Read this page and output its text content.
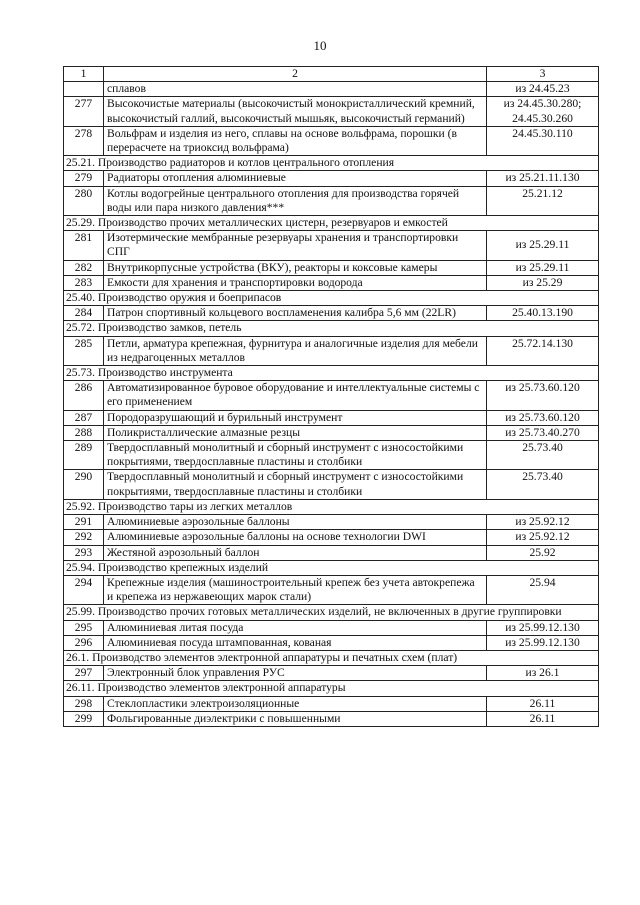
10
1	2	3
	сплавов	из 24.45.23
277	Высокочистые материалы (высокочистый монокристаллический кремний, высокочистый галлий, высокочистый мышьяк, высокочистый германий)	из 24.45.30.280; 24.45.30.260
278	Вольфрам и изделия из него, сплавы на основе вольфрама, порошки (в перерасчете на триоксид вольфрама)	24.45.30.110
25.21. Производство радиаторов и котлов центрального отопления		
279	Радиаторы отопления алюминиевые	из 25.21.11.130
280	Котлы водогрейные центрального отопления для производства горячей воды или пара низкого давления***	25.21.12
25.29. Производство прочих металлических цистерн, резервуаров и емкостей		
281	Изотермические мембранные резервуары хранения и транспортировки СПГ	из 25.29.11
282	Внутрикорпусные устройства (ВКУ), реакторы и коксовые камеры	из 25.29.11
283	Емкости для хранения и транспортировки водорода	из 25.29
25.40. Производство оружия и боеприпасов		
284	Патрон спортивный кольцевого воспламенения калибра 5,6 мм (22LR)	25.40.13.190
25.72. Производство замков, петель		
285	Петли, арматура крепежная, фурнитура и аналогичные изделия для мебели из недрагоценных металлов	25.72.14.130
25.73. Производство инструмента		
286	Автоматизированное буровое оборудование и интеллектуальные системы с его применением	из 25.73.60.120
287	Породоразрушающий и бурильный инструмент	из 25.73.60.120
288	Поликристаллические алмазные резцы	из 25.73.40.270
289	Твердосплавный монолитный и сборный инструмент с износостойкими покрытиями, твердосплавные пластины и столбики	25.73.40
290	Твердосплавный монолитный и сборный инструмент с износостойкими покрытиями, твердосплавные пластины и столбики	25.73.40
25.92. Производство тары из легких металлов		
291	Алюминиевые аэрозольные баллоны	из 25.92.12
292	Алюминиевые аэрозольные баллоны на основе технологии DWI	из 25.92.12
293	Жестяной аэрозольный баллон	25.92
25.94. Производство крепежных изделий		
294	Крепежные изделия (машиностроительный крепеж без учета автокрепежа и крепежа из нержавеющих марок стали)	25.94
25.99. Производство прочих готовых металлических изделий, не включенных в другие группировки		
295	Алюминиевая литая посуда	из 25.99.12.130
296	Алюминиевая посуда штампованная, кованая	из 25.99.12.130
26.1. Производство элементов электронной аппаратуры и печатных схем (плат)		
297	Электронный блок управления РУС	из 26.1
26.11. Производство элементов электронной аппаратуры		
298	Стеклопластики электроизоляционные	26.11
299	Фольгированные диэлектрики с повышенными	26.11
